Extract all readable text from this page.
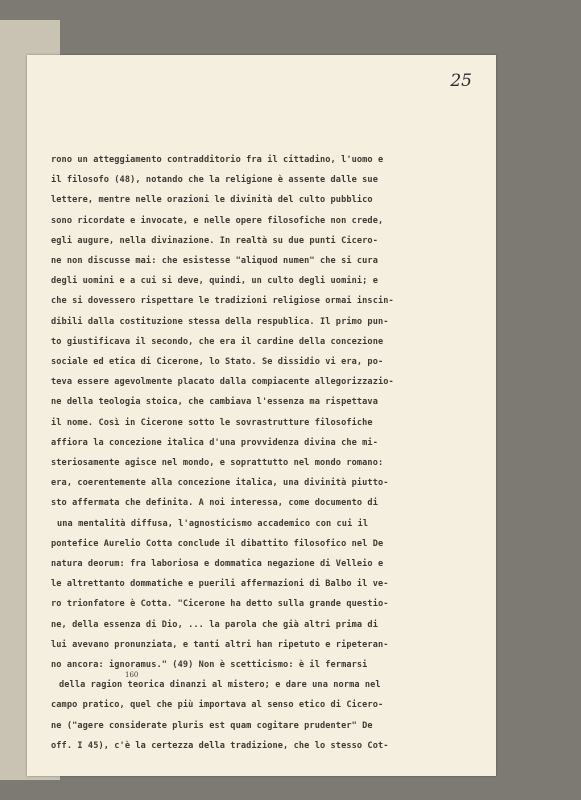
25
160
rono un atteggiamento contradditorio fra il cittadino, l'uomo e
il filosofo (48), notando che la religione è assente dalle sue
lettere, mentre nelle orazioni le divinità del culto pubblico
sono ricordate e invocate, e nelle opere filosofiche non crede,
egli augure, nella divinazione. In realtà su due punti Cicero-
ne non discusse mai: che esistesse "aliquod numen" che si cura
degli uomini e a cui si deve, quindi, un culto degli uomini; e
che si dovessero rispettare le tradizioni religiose ormai inscin-
dibili dalla costituzione stessa della respublica. Il primo pun-
to giustificava il secondo, che era il cardine della concezione
sociale ed etica di Cicerone, lo Stato. Se dissidio vi era, po-
teva essere agevolmente placato dalla compiacente allegorizzazio-
ne della teologia stoica, che cambiava l'essenza ma rispettava
il nome. Così in Cicerone sotto le sovrastrutture filosofiche
affiora la concezione italica d'una provvidenza divina che mi-
steriosamente agisce nel mondo, e soprattutto nel mondo romano:
era, coerentemente alla concezione italica, una divinità piutto-
sto affermata che definita. A noi interessa, come documento di
una mentalità diffusa, l'agnosticismo accademico con cui il
pontefice Aurelio Cotta conclude il dibattito filosofico nel De
natura deorum: fra laboriosa e dommatica negazione di Velleio e
le altrettanto dommatiche e puerili affermazioni di Balbo il ve-
ro trionfatore è Cotta. "Cicerone ha detto sulla grande questio-
ne, della essenza di Dio, ... la parola che già altri prima di
lui avevano pronunziata, e tanti altri han ripetuto e ripeteran-
no ancora: ignoramus." (49) Non è scetticismo: è il fermarsi
della ragion teorica dinanzi al mistero; e dare una norma nel
campo pratico, quel che più importava al senso etico di Cicero-
ne ("agere considerate pluris est quam cogitare prudenter" De
off. I 45), c'è la certezza della tradizione, che lo stesso Cot-
